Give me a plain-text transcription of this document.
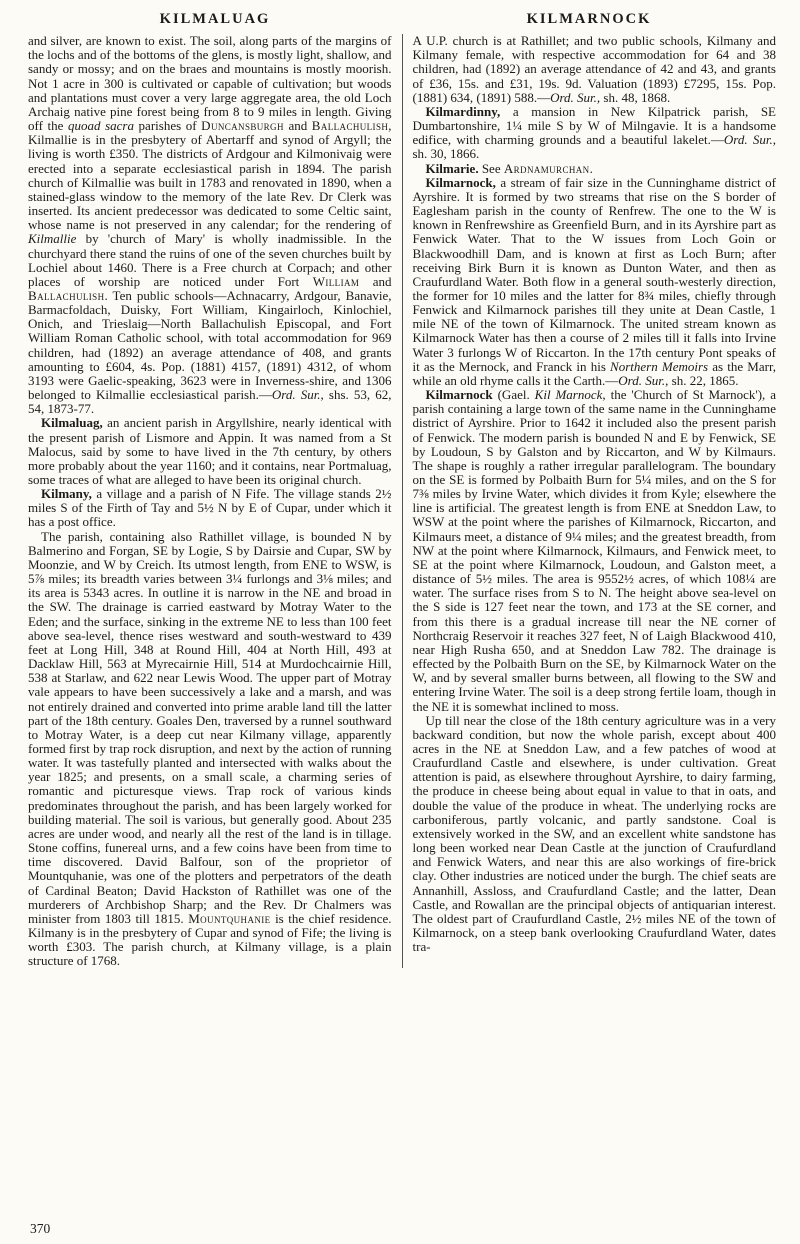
KILMALUAG	KILMARNOCK

and silver, are known to exist. The soil, along parts of the margins of the lochs and of the bottoms of the glens, is mostly light, shallow, and sandy or mossy; and on the braes and mountains is mostly moorish. Not 1 acre in 300 is cultivated or capable of cultivation; but woods and plantations must cover a very large aggregate area, the old Loch Archaig native pine forest being from 8 to 9 miles in length. Giving off the quoad sacra parishes of Duncansburgh and Ballachulish, Kilmallie is in the presbytery of Abertarff and synod of Argyll; the living is worth £350. The districts of Ardgour and Kilmonivaig were erected into a separate ecclesiastical parish in 1894. The parish church of Kilmallie was built in 1783 and renovated in 1890, when a stained-glass window to the memory of the late Rev. Dr Clerk was inserted. Its ancient predecessor was dedicated to some Celtic saint, whose name is not preserved in any calendar; for the rendering of Kilmallie by 'church of Mary' is wholly inadmissible. In the churchyard there stand the ruins of one of the seven churches built by Lochiel about 1460. There is a Free church at Corpach; and other places of worship are noticed under Fort William and Ballachulish. Ten public schools—Achnacarry, Ardgour, Banavie, Barmacfoldach, Duisky, Fort William, Kingairloch, Kinlochiel, Onich, and Trieslaig—North Ballachulish Episcopal, and Fort William Roman Catholic school, with total accommodation for 969 children, had (1892) an average attendance of 408, and grants amounting to £604, 4s. Pop. (1881) 4157, (1891) 4312, of whom 3193 were Gaelic-speaking, 3623 were in Inverness-shire, and 1306 belonged to Kilmallie ecclesiastical parish.—Ord. Sur., shs. 53, 62, 54, 1873-77.

Kilmaluag, an ancient parish in Argyllshire, nearly identical with the present parish of Lismore and Appin. It was named from a St Malocus, said by some to have lived in the 7th century, by others more probably about the year 1160; and it contains, near Portmaluag, some traces of what are alleged to have been its original church.

Kilmany, a village and a parish of N Fife. The village stands 2½ miles S of the Firth of Tay and 5½ N by E of Cupar, under which it has a post office.

The parish, containing also Rathillet village, is bounded N by Balmerino and Forgan, SE by Logie, S by Dairsie and Cupar, SW by Moonzie, and W by Creich. Its utmost length, from ENE to WSW, is 5⅞ miles; its breadth varies between 3¼ furlongs and 3⅛ miles; and its area is 5343 acres. In outline it is narrow in the NE and broad in the SW. The drainage is carried eastward by Motray Water to the Eden; and the surface, sinking in the extreme NE to less than 100 feet above sea-level, thence rises westward and south-westward to 439 feet at Long Hill, 348 at Round Hill, 404 at North Hill, 493 at Dacklaw Hill, 563 at Myrecairnie Hill, 514 at Murdochcairnie Hill, 538 at Starlaw, and 622 near Lewis Wood. The upper part of Motray vale appears to have been successively a lake and a marsh, and was not entirely drained and converted into prime arable land till the latter part of the 18th century. Goales Den, traversed by a runnel southward to Motray Water, is a deep cut near Kilmany village, apparently formed first by trap rock disruption, and next by the action of running water. It was tastefully planted and intersected with walks about the year 1825; and presents, on a small scale, a charming series of romantic and picturesque views. Trap rock of various kinds predominates throughout the parish, and has been largely worked for building material. The soil is various, but generally good. About 235 acres are under wood, and nearly all the rest of the land is in tillage. Stone coffins, funereal urns, and a few coins have been from time to time discovered. David Balfour, son of the proprietor of Mountquhanie, was one of the plotters and perpetrators of the death of Cardinal Beaton; David Hackston of Rathillet was one of the murderers of Archbishop Sharp; and the Rev. Dr Chalmers was minister from 1803 till 1815. Mountquhanie is the chief residence. Kilmany is in the presbytery of Cupar and synod of Fife; the living is worth £303. The parish church, at Kilmany village, is a plain structure of 1768.

A U.P. church is at Rathillet; and two public schools, Kilmany and Kilmany female, with respective accommodation for 64 and 38 children, had (1892) an average attendance of 42 and 43, and grants of £36, 15s. and £31, 19s. 9d. Valuation (1893) £7295, 15s. Pop. (1881) 634, (1891) 588.—Ord. Sur., sh. 48, 1868.

Kilmardinny, a mansion in New Kilpatrick parish, SE Dumbartonshire, 1¼ mile S by W of Milngavie. It is a handsome edifice, with charming grounds and a beautiful lakelet.—Ord. Sur., sh. 30, 1866.

Kilmarie. See Ardnamurchan.

Kilmarnock, a stream of fair size in the Cunninghame district of Ayrshire. It is formed by two streams that rise on the S border of Eaglesham parish in the county of Renfrew. The one to the W is known in Renfrewshire as Greenfield Burn, and in its Ayrshire part as Fenwick Water. That to the W issues from Loch Goin or Blackwoodhill Dam, and is known at first as Loch Burn; after receiving Birk Burn it is known as Dunton Water, and then as Craufurdland Water. Both flow in a general south-westerly direction, the former for 10 miles and the latter for 8¾ miles, chiefly through Fenwick and Kilmarnock parishes till they unite at Dean Castle, 1 mile NE of the town of Kilmarnock. The united stream known as Kilmarnock Water has then a course of 2 miles till it falls into Irvine Water 3 furlongs W of Riccarton. In the 17th century Pont speaks of it as the Mernock, and Franck in his Northern Memoirs as the Marr, while an old rhyme calls it the Carth.—Ord. Sur., sh. 22, 1865.

Kilmarnock (Gael. Kil Marnock, the 'Church of St Marnock'), a parish containing a large town of the same name in the Cunninghame district of Ayrshire. Prior to 1642 it included also the present parish of Fenwick. The modern parish is bounded N and E by Fenwick, SE by Loudoun, S by Galston and by Riccarton, and W by Kilmaurs. The shape is roughly a rather irregular parallelogram. The boundary on the SE is formed by Polbaith Burn for 5¼ miles, and on the S for 7⅜ miles by Irvine Water, which divides it from Kyle; elsewhere the line is artificial. The greatest length is from ENE at Sneddon Law, to WSW at the point where the parishes of Kilmarnock, Riccarton, and Kilmaurs meet, a distance of 9¼ miles; and the greatest breadth, from NW at the point where Kilmarnock, Kilmaurs, and Fenwick meet, to SE at the point where Kilmarnock, Loudoun, and Galston meet, a distance of 5½ miles. The area is 9552½ acres, of which 108¼ are water. The surface rises from S to N. The height above sea-level on the S side is 127 feet near the town, and 173 at the SE corner, and from this there is a gradual increase till near the NE corner of Northcraig Reservoir it reaches 327 feet, N of Laigh Blackwood 410, near High Rusha 650, and at Sneddon Law 782. The drainage is effected by the Polbaith Burn on the SE, by Kilmarnock Water on the W, and by several smaller burns between, all flowing to the SW and entering Irvine Water. The soil is a deep strong fertile loam, though in the NE it is somewhat inclined to moss.

Up till near the close of the 18th century agriculture was in a very backward condition, but now the whole parish, except about 400 acres in the NE at Sneddon Law, and a few patches of wood at Craufurdland Castle and elsewhere, is under cultivation. Great attention is paid, as elsewhere throughout Ayrshire, to dairy farming, the produce in cheese being about equal in value to that in oats, and double the value of the produce in wheat. The underlying rocks are carboniferous, partly volcanic, and partly sandstone. Coal is extensively worked in the SW, and an excellent white sandstone has long been worked near Dean Castle at the junction of Craufurdland and Fenwick Waters, and near this are also workings of fire-brick clay. Other industries are noticed under the burgh. The chief seats are Annanhill, Assloss, and Craufurdland Castle; and the latter, Dean Castle, and Rowallan are the principal objects of antiquarian interest. The oldest part of Craufurdland Castle, 2½ miles NE of the town of Kilmarnock, on a steep bank overlooking Craufurdland Water, dates tra-

370
